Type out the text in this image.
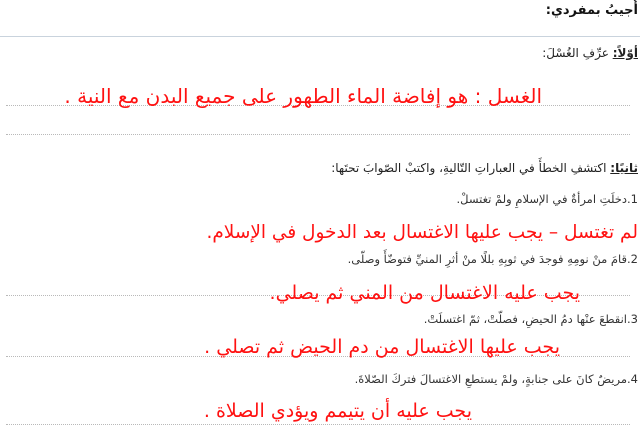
أُجيبُ بمفردي:
أوّلاً: عرِّفِ الغُسْلَ:
الغسل : هو إفاضة الماء الطهور على جميع البدن مع النية .
ثانيًا: اكتشفِ الخطأَ في العباراتِ التّاليةِ، واكتبْ الصّوابَ تحتَها:
1.دخلَتِ امرأةٌ في الإسلامِ ولمْ تغتسلْ.
لم تغتسل – يجب عليها الاغتسال بعد الدخول في الإسلام.
2.قامَ منْ نومِهِ فوجدَ في ثوبِهِ بللًا منْ أثرِ المنيِّ فتوضّأَ وصلّى.
يجب عليه الاغتسال من المني ثم يصلي.
3.انقطعَ عنْها دمُ الحيضِ، فصلّتْ، ثمّ اغتسلَتْ.
يجب عليها الاغتسال من دم الحيض ثم تصلي .
4.مريضٌ كانَ على جنابةٍ، ولمْ يستطعِ الاغتسالَ فتركَ الصّلاةَ.
يجب عليه أن يتيمم ويؤدي الصلاة .
